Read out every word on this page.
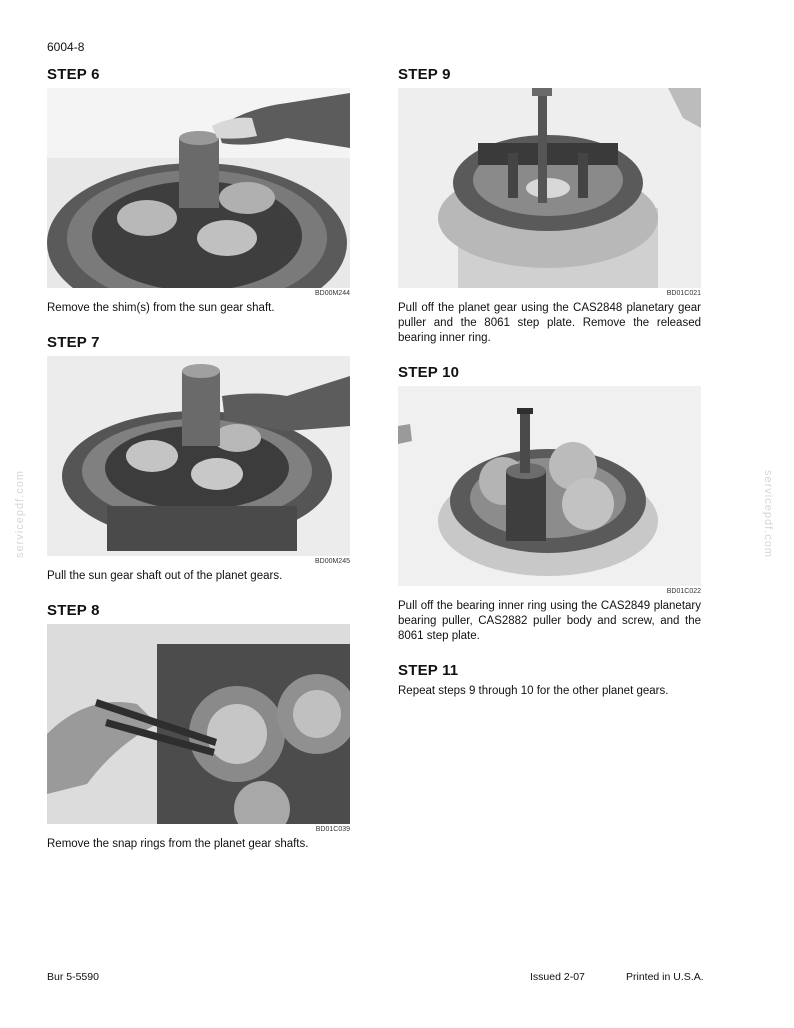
6004-8
servicepdf.com	servicepdf.com
STEP 6
BD00M244

Remove the shim(s) from the sun gear shaft.

STEP 7
BD00M245

Pull the sun gear shaft out of the planet gears.

STEP 8
BD01C039

Remove the snap rings from the planet gear shafts.

STEP 9
BD01C021

Pull off the planet gear using the CAS2848 planetary gear puller and the 8061 step plate. Remove the released bearing inner ring.

STEP 10
BD01C022

Pull off the bearing inner ring using the CAS2849 planetary bearing puller, CAS2882 puller body and screw, and the 8061 step plate.

STEP 11

Repeat steps 9 through 10 for the other planet gears.

Bur 5-5590	Issued 2-07	Printed in U.S.A.
